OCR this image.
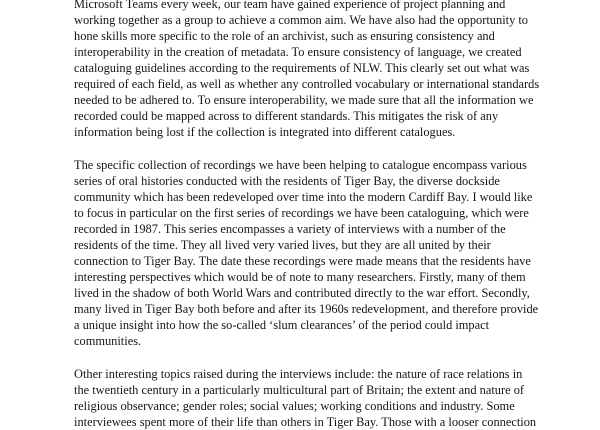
Microsoft Teams every week, our team have gained experience of project planning and
working together as a group to achieve a common aim. We have also had the opportunity to
hone skills more specific to the role of an archivist, such as ensuring consistency and
interoperability in the creation of metadata. To ensure consistency of language, we created
cataloguing guidelines according to the requirements of NLW. This clearly set out what was
required of each field, as well as whether any controlled vocabulary or international standards
needed to be adhered to. To ensure interoperability, we made sure that all the information we
recorded could be mapped across to different standards. This mitigates the risk of any
information being lost if the collection is integrated into different catalogues.
The specific collection of recordings we have been helping to catalogue encompass various
series of oral histories conducted with the residents of Tiger Bay, the diverse dockside
community which has been redeveloped over time into the modern Cardiff Bay. I would like
to focus in particular on the first series of recordings we have been cataloguing, which were
recorded in 1987. This series encompasses a variety of interviews with a number of the
residents of the time. They all lived very varied lives, but they are all united by their
connection to Tiger Bay. The date these recordings were made means that the residents have
interesting perspectives which would be of note to many researchers. Firstly, many of them
lived in the shadow of both World Wars and contributed directly to the war effort. Secondly,
many lived in Tiger Bay both before and after its 1960s redevelopment, and therefore provide
a unique insight into how the so-called ‘slum clearances’ of the period could impact
communities.
Other interesting topics raised during the interviews include: the nature of race relations in
the twentieth century in a particularly multicultural part of Britain; the extent and nature of
religious observance; gender roles; social values; working conditions and industry. Some
interviewees spent more of their life than others in Tiger Bay. Those with a looser connection
